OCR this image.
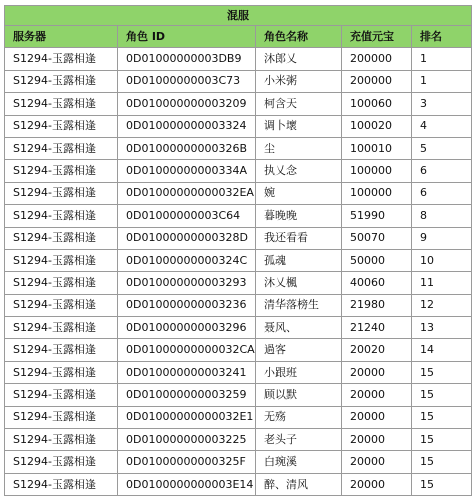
混服				
服务器	角色 ID	角色名称	充值元宝	排名
S1294-玉露相逢	0D01000000003DB9	沐郎乂	200000	1
S1294-玉露相逢	0D01000000003C73	小米粥	200000	1
S1294-玉露相逢	0D010000000003209	柯含天	100060	3
S1294-玉露相逢	0D010000000003324	调卜壞	100020	4
S1294-玉露相逢	0D01000000000326B	尘	100010	5
S1294-玉露相逢	0D01000000000334A	执乂念	100000	6
S1294-玉露相逢	0D01000000000032EA	婉	100000	6
S1294-玉露相逢	0D01000000003C64	暮晚晚	51990	8
S1294-玉露相逢	0D01000000000328D	我还看看	50070	9
S1294-玉露相逢	0D01000000000324C	孤魂	50000	10
S1294-玉露相逢	0D010000000003293	沐乂楓	40060	11
S1294-玉露相逢	0D010000000003236	清华落榜生	21980	12
S1294-玉露相逢	0D010000000003296	聂风、	21240	13
S1294-玉露相逢	0D01000000000032CA	過客	20020	14
S1294-玉露相逢	0D010000000003241	小跟班	20000	15
S1294-玉露相逢	0D010000000003259	顾以默	20000	15
S1294-玉露相逢	0D01000000000032E1	无殇	20000	15
S1294-玉露相逢	0D010000000003225	老头子	20000	15
S1294-玉露相逢	0D01000000000325F	白琬溪	20000	15
S1294-玉露相逢	0D0100000000003E14	醉、清风	20000	15
